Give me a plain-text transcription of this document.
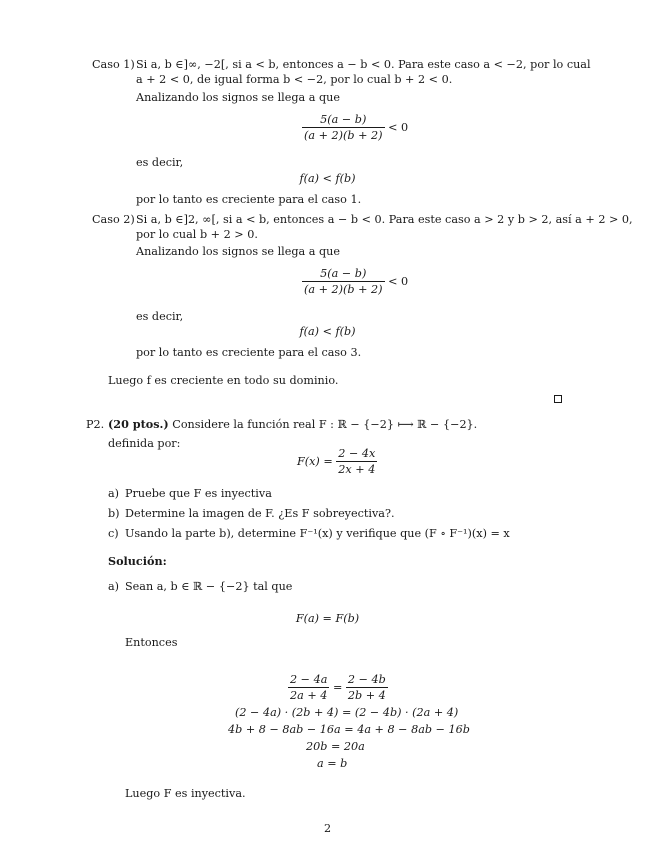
Caso 1) Si a, b ∈]∞, −2[, si a < b, entonces a − b < 0. Para este caso a < −2, por lo cual
a + 2 < 0, de igual forma b < −2, por lo cual b + 2 < 0.
Analizando los signos se llega a que
$\frac{5(a - b)}{(a + 2)(b + 2)} < 0$
es decir,
f(a) < f(b)
por lo tanto es creciente para el caso 1.
Caso 2) Si a, b ∈]2, ∞[, si a < b, entonces a − b < 0. Para este caso a > 2 y b > 2, así a + 2 > 0,
por lo cual b + 2 > 0.
Analizando los signos se llega a que
$\frac{5(a - b)}{(a + 2)(b + 2)} < 0$
es decir,
f(a) < f(b)
por lo tanto es creciente para el caso 3.
Luego f es creciente en todo su dominio.
P2. (20 ptos.) Considere la función real F : ℝ − {−2} ⟼ ℝ − {−2}.
definida por:
$F(x) = \frac{2 - 4x}{2x + 4}$
a) Pruebe que F es inyectiva
b) Determine la imagen de F. ¿Es F sobreyectiva?.
c) Usando la parte b), determine F⁻¹(x) y verifique que (F ∘ F⁻¹)(x) = x
Solución:
a) Sean a, b ∈ ℝ − {−2} tal que
F(a) = F(b)
Entonces
$\frac{2 - 4a}{2a + 4} = \frac{2 - 4b}{2b + 4}$
(2 − 4a) · (2b + 4) = (2 − 4b) · (2a + 4)
4b + 8 − 8ab − 16a = 4a + 8 − 8ab − 16b
20b = 20a
a = b
Luego F es inyectiva.
2
